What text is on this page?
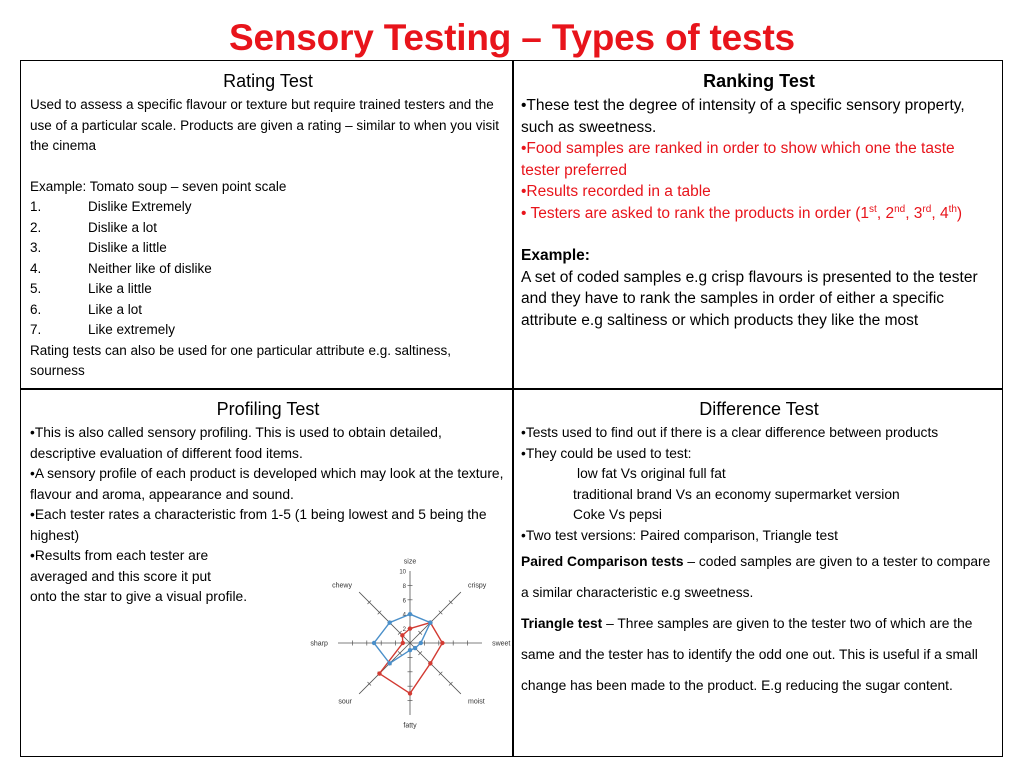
Sensory Testing – Types of tests
Rating Test

Used to assess a specific flavour or texture but require trained testers and the use of a particular scale. Products are given a rating – similar to when you visit the cinema

Example: Tomato soup – seven point scale

1.	Dislike Extremely
2.	Dislike a lot
3.	Dislike a little
4.	Neither like of dislike
5.	Like a little
6.	Like a lot
7.	Like extremely

Rating tests can also be used for one particular attribute e.g. saltiness, sourness

Ranking Test

•These test the degree of intensity of a specific sensory property, such as sweetness.

•Food samples are ranked in order to show which one the taste tester preferred

•Results recorded in a table

• Testers are asked to rank the products in order (1st, 2nd, 3rd, 4th)

Example:

A set of coded samples e.g crisp flavours is presented to the tester and they have to rank the samples in order of either a specific attribute e.g saltiness or which products they like the most

Profiling Test

•This is also called sensory profiling. This is used to obtain detailed, descriptive evaluation of different food items.

•A sensory profile of each product is developed which may look at the texture, flavour and aroma, appearance and sound.

•Each tester rates a characteristic from 1-5 (1 being lowest and 5 being the highest)

•Results from each tester are

averaged and this score it put

onto the star to give a visual profile.

10
8
6
4
2
size
crispy
sweet
moist
fatty
sour
sharp
chewy
Difference Test

•Tests used to find out if there is a clear difference between products

•They could be used to test:

low fat Vs original full fat

traditional brand Vs an economy supermarket version

Coke Vs pepsi

•Two test versions: Paired comparison, Triangle test

Paired Comparison tests – coded samples are given to a tester to compare a similar characteristic e.g sweetness.

Triangle test – Three samples are given to the tester two of which are the same and the tester has to identify the odd one out. This is useful if a small change has been made to the product. E.g reducing the sugar content.
